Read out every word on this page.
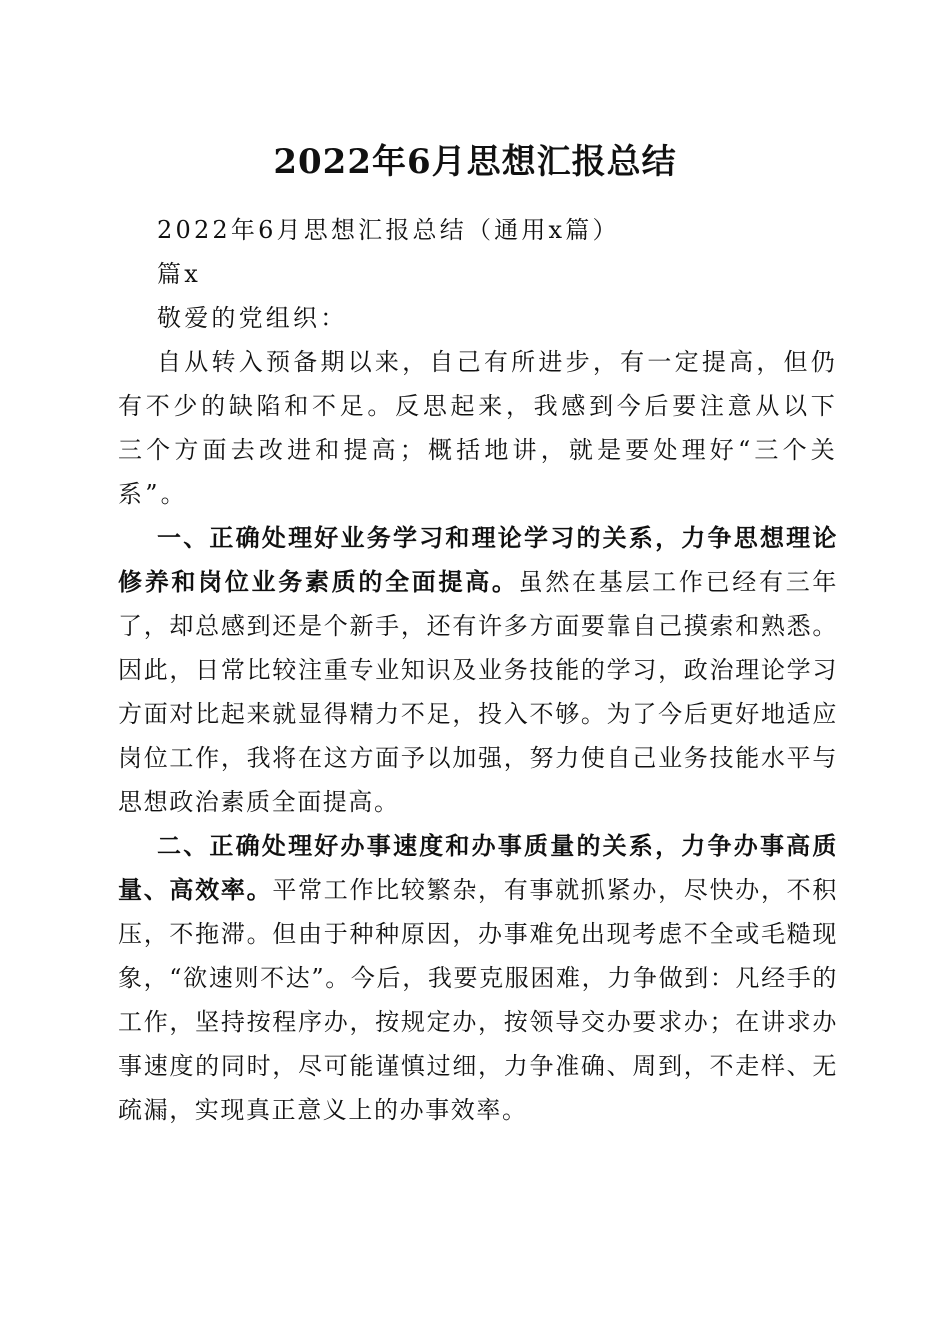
2022年6月思想汇报总结

2022年6月思想汇报总结（通用x篇）

篇x

敬爱的党组织：

自从转入预备期以来，自己有所进步，有一定提高，但仍有不少的缺陷和不足。反思起来，我感到今后要注意从以下三个方面去改进和提高；概括地讲，就是要处理好“三个关系”。

一、正确处理好业务学习和理论学习的关系，力争思想理论修养和岗位业务素质的全面提高。虽然在基层工作已经有三年了，却总感到还是个新手，还有许多方面要靠自己摸索和熟悉。因此，日常比较注重专业知识及业务技能的学习，政治理论学习方面对比起来就显得精力不足，投入不够。为了今后更好地适应岗位工作，我将在这方面予以加强，努力使自己业务技能水平与思想政治素质全面提高。

二、正确处理好办事速度和办事质量的关系，力争办事高质量、高效率。平常工作比较繁杂，有事就抓紧办，尽快办，不积压，不拖滞。但由于种种原因，办事难免出现考虑不全或毛糙现象，“欲速则不达”。今后，我要克服困难，力争做到：凡经手的工作，坚持按程序办，按规定办，按领导交办要求办；在讲求办事速度的同时，尽可能谨慎过细，力争准确、周到，不走样、无疏漏，实现真正意义上的办事效率。
